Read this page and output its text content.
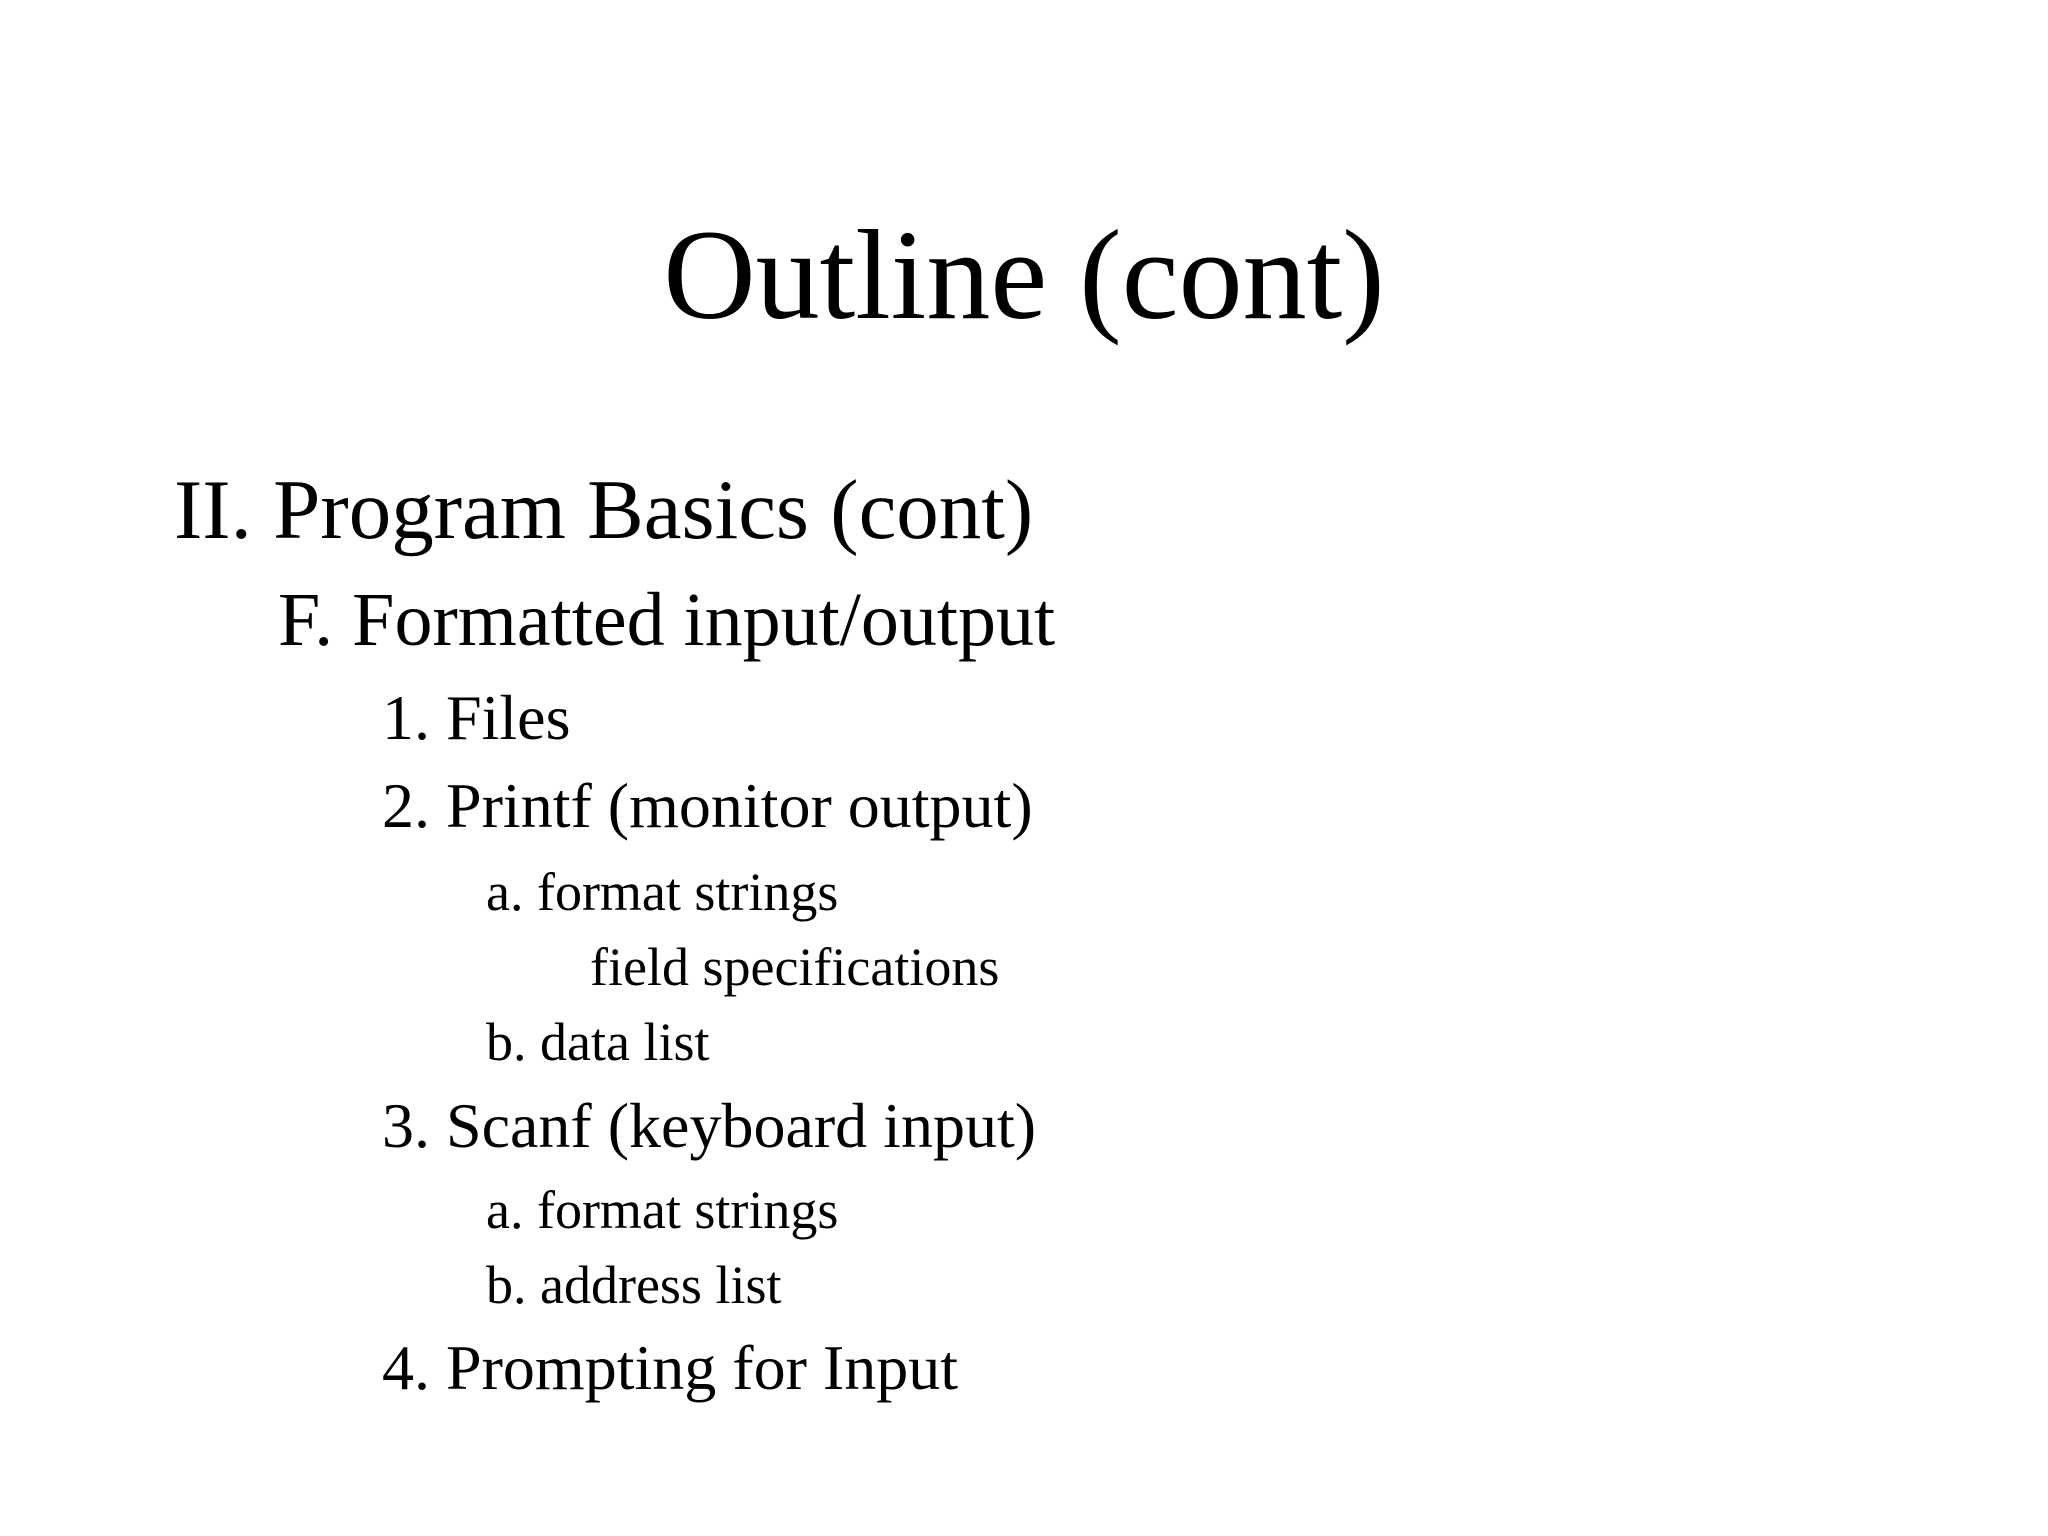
Outline (cont)
II. Program Basics (cont)
F. Formatted input/output
1. Files
2. Printf (monitor output)
a. format strings
field specifications
b. data list
3. Scanf (keyboard input)
a. format strings
b. address list
4. Prompting for Input
